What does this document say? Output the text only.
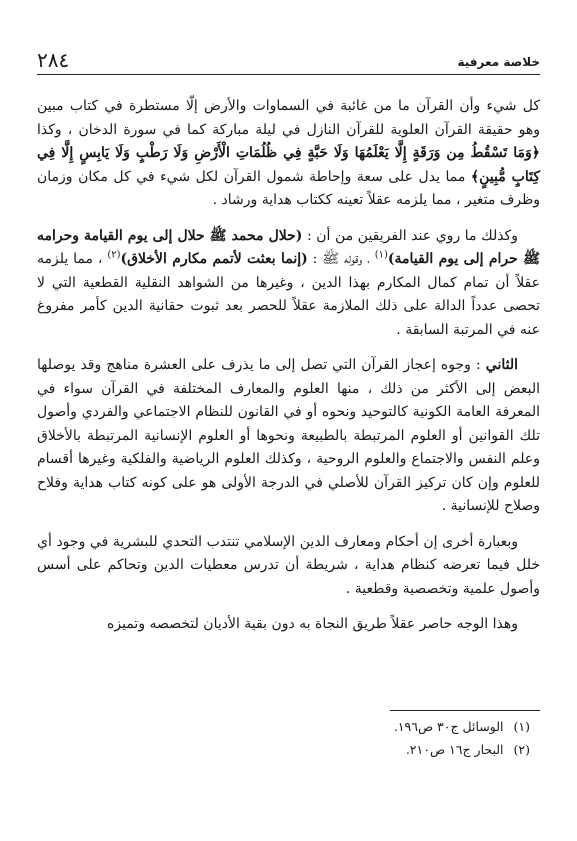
خلاصة معرفية
٢٨٤

كل شيء وأن القرآن ما من غائبة في السماوات والأرض إلّا مستطرة في كتاب مبين وهو حقيقة القرآن العلوية للقرآن النازل في ليلة مباركة كما في سورة الدخان ، وكذا ﴿وَمَا تَسْقُطُ مِن وَرَقَةٍ إِلَّا يَعْلَمُهَا وَلَا حَبَّةٍ فِي ظُلُمَاتِ الْأَرْضِ وَلَا رَطْبٍ وَلَا يَابِسٍ إِلَّا فِي كِتَابٍ مُّبِينٍ﴾ مما يدل على سعة وإحاطة شمول القرآن لكل شيء في كل مكان وزمان وظرف متغير ، مما يلزمه عقلاً تعينه ككتاب هداية ورشاد .

وكذلك ما روي عند الفريقين من أن : (حلال محمد ﷺ حلال إلى يوم القيامة وحرامه ﷺ حرام إلى يوم القيامة)$^{(١)}$ ، وقوله ﷺ : (إنما بعثت لأتمم مكارم الأخلاق)$^{(٢)}$ ، مما يلزمه عقلاً أن تمام كمال المكارم بهذا الدين ، وغيرها من الشواهد النقلية القطعية التي لا تحصى عدداً الدالة على ذلك الملازمة عقلاً للحصر بعد ثبوت حقانية الدين كأمر مفروغ عنه في المرتبة السابقة .

الثاني : وجوه إعجاز القرآن التي تصل إلى ما يذرف على العشرة مناهج وقد يوصلها البعض إلى الأكثر من ذلك ، منها العلوم والمعارف المختلفة في القرآن سواء في المعرفة العامة الكونية كالتوحيد ونحوه أو في القانون للنظام الاجتماعي والفردي وأصول تلك القوانين أو العلوم المرتبطة بالطبيعة ونحوها أو العلوم الإنسانية المرتبطة بالأخلاق وعلم النفس والاجتماع والعلوم الروحية ، وكذلك العلوم الرياضية والفلكية وغيرها أقسام للعلوم وإن كان تركيز القرآن للأصلي في الدرجة الأولى هو على كونه كتاب هداية وفلاح وصلاح للإنسانية .

وبعبارة أخرى إن أحكام ومعارف الدين الإسلامي تنتدب التحدي للبشرية في وجود أي خلل فيما تعرضه كنظام هداية ، شريطة أن تدرس معطيات الدين وتحاكم على أسس وأصول علمية وتخصصية وقطعية .

وهذا الوجه حاصر عقلاً طريق النجاة به دون بقية الأديان لتخصصه وتميزه

(١)الوسائل ج٣٠ ص١٩٦.
(٢)البحار ج١٦ ص٢١٠.
